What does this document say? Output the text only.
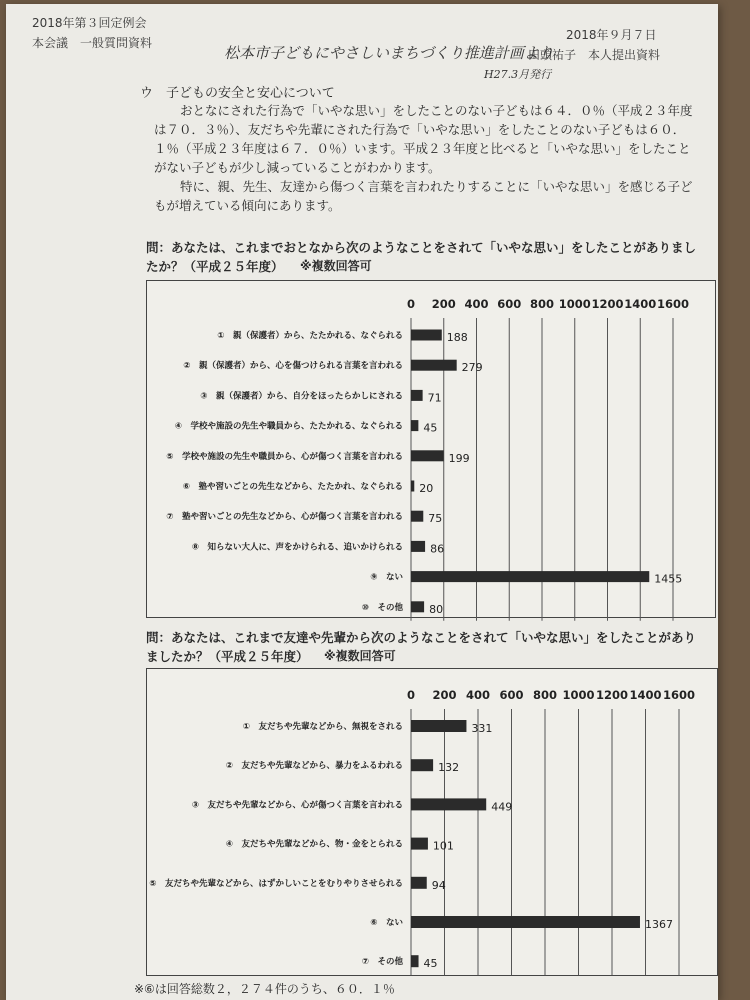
2018年第３回定例会
本会議　一般質問資料
2018年９月７日
田頭祐子　本人提出資料
松本市子どもにやさしいまちづくり推進計画より
H27.3月発行
ウ　子どもの安全と安心について
おとなにされた行為で「いやな思い」をしたことのない子どもは６４．０％（平成２３年度は７０．３％）、友だちや先輩にされた行為で「いやな思い」をしたことのない子どもは６０．１％（平成２３年度は６７．０％）います。平成２３年度と比べると「いやな思い」をしたことがない子どもが少し減っていることがわかります。
特に、親、先生、友達から傷つく言葉を言われたりすることに「いやな思い」を感じる子どもが増えている傾向にあります。
問：あなたは、これまでおとなから次のようなことをされて「いやな思い」をしたことがありましたか？（平成２５年度）	※複数回答可
0 200 400 600 800 1000 1200 1400 1600
①　親（保護者）から、たたかれる、なぐられる	188
②　親（保護者）から、心を傷つけられる言葉を言われる	279
③　親（保護者）から、自分をほったらかしにされる 71
④　学校や施設の先生や職員から、たたかれる、なぐられる 45
⑤　学校や施設の先生や職員から、心が傷つく言葉を言われる	199
⑥　塾や習いごとの先生などから、たたかれ、なぐられる 20
⑦　塾や習いごとの先生などから、心が傷つく言葉を言われる 75
⑧　知らない大人に、声をかけられる、追いかけられる 86
⑨　ない	1455
⑩　その他 80
問：あなたは、これまで友達や先輩から次のようなことをされて「いやな思い」をしたことがありましたか？（平成２５年度）	※複数回答可
0 200 400 600 800 1000 1200 1400 1600
①　友だちや先輩などから、無視をされる	331
②　友だちや先輩などから、暴力をふるわれる	132
③　友だちや先輩などから、心が傷つく言葉を言われる	449
④　友だちや先輩などから、物・金をとられる	101
⑤　友だちや先輩などから、はずかしいことをむりやりさせられる	94
⑥　ない	1367
⑦　その他 45
※⑥は回答総数２，２７４件のうち、６０．１％
